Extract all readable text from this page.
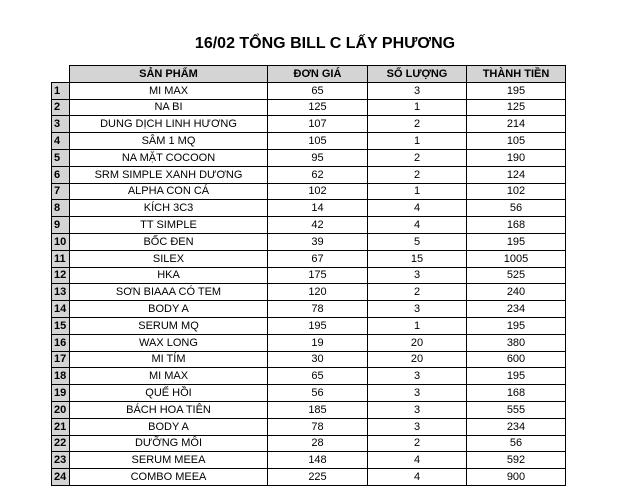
16/02 TỔNG BILL C LẤY PHƯƠNG
	SẢN PHẨM	ĐƠN GIÁ	SỐ LƯỢNG	THÀNH TIỀN
1	MI MAX	65	3	195
2	NA BI	125	1	125
3	DUNG DỊCH LINH HƯƠNG	107	2	214
4	SÂM 1 MQ	105	1	105
5	NA MẶT COCOON	95	2	190
6	SRM SIMPLE XANH DƯƠNG	62	2	124
7	ALPHA CON CÁ	102	1	102
8	KÍCH 3C3	14	4	56
9	TT SIMPLE	42	4	168
10	BỐC ĐEN	39	5	195
11	SILEX	67	15	1005
12	HKA	175	3	525
13	SƠN BIAAA CÓ TEM	120	2	240
14	BODY A	78	3	234
15	SERUM MQ	195	1	195
16	WAX LONG	19	20	380
17	MI TÍM	30	20	600
18	MI MAX	65	3	195
19	QUẾ HỒI	56	3	168
20	BÁCH HOA TIÊN	185	3	555
21	BODY A	78	3	234
22	DƯỠNG MÔI	28	2	56
23	SERUM MEEA	148	4	592
24	COMBO MEEA	225	4	900
